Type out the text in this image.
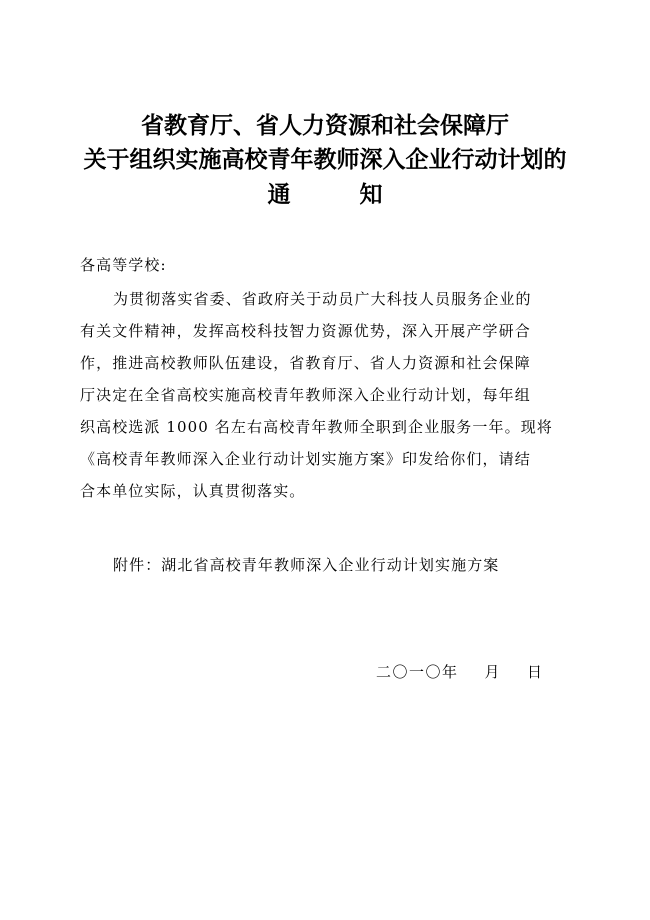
省教育厅、省人力资源和社会保障厅
关于组织实施高校青年教师深入企业行动计划的
通	知
各高等学校:
为贯彻落实省委、省政府关于动员广大科技人员服务企业的
有关文件精神，发挥高校科技智力资源优势，深入开展产学研合
作，推进高校教师队伍建设，省教育厅、省人力资源和社会保障
厅决定在全省高校实施高校青年教师深入企业行动计划，每年组
织高校选派 1000 名左右高校青年教师全职到企业服务一年。现将
《高校青年教师深入企业行动计划实施方案》印发给你们，请结
合本单位实际，认真贯彻落实。
附件：湖北省高校青年教师深入企业行动计划实施方案
二〇一〇年 月 日
